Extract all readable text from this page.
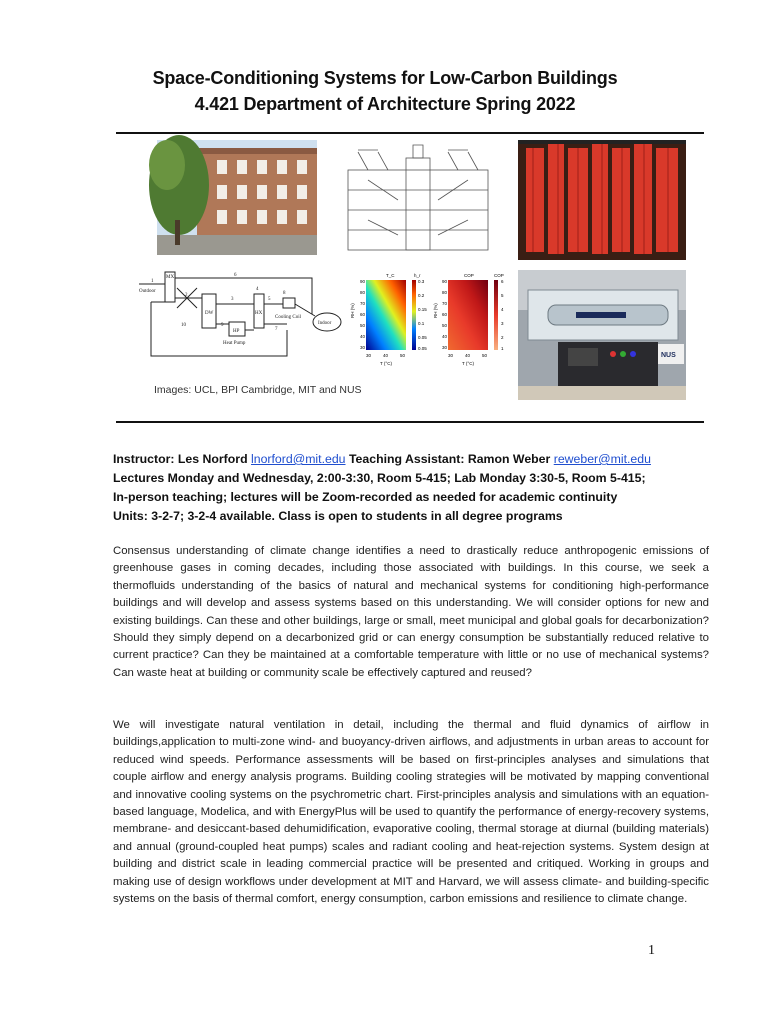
Space-Conditioning Systems for Low-Carbon Buildings
4.421 Department of Architecture Spring 2022
1
Outdoor
MX	6
DW	HX
HP
Heat Pump
Cooling Coil
Indoor
2
3
4
5
7
8
9
10
T_C	h_r
90
80
70
60
50
40
30
0.3
0.2
0.15
0.1
0.05
0.05
30	40	50
T (°C)
RH (%)
COP	COP
90
80
70
60
50
40
30
6
5
4
3
2
1
30	40	50
T (°C)
RH (%)
NUS
Images: UCL, BPI Cambridge, MIT and NUS
Instructor: Les Norford lnorford@mit.edu Teaching Assistant: Ramon Weber reweber@mit.edu
Lectures Monday and Wednesday, 2:00-3:30, Room 5-415; Lab Monday 3:30-5, Room 5-415;
In-person teaching; lectures will be Zoom-recorded as needed for academic continuity
Units: 3-2-7; 3-2-4 available. Class is open to students in all degree programs
Consensus understanding of climate change identifies a need to drastically reduce anthropogenic emissions of greenhouse gases in coming decades, including those associated with buildings. In this course, we seek a thermofluids understanding of the basics of natural and mechanical systems for conditioning high-performance buildings and will develop and assess systems based on this understanding. We will consider options for new and existing buildings. Can these and other buildings, large or small, meet municipal and global goals for decarbonization? Should they simply depend on a decarbonized grid or can energy consumption be substantially reduced relative to current practice? Can they be maintained at a comfortable temperature with little or no use of mechanical systems? Can waste heat at building or community scale be effectively captured and reused?
We will investigate natural ventilation in detail, including the thermal and fluid dynamics of airflow in buildings,application to multi-zone wind- and buoyancy-driven airflows, and adjustments in urban areas to account for reduced wind speeds. Performance assessments will be based on first-principles analyses and simulations that couple airflow and energy analysis programs. Building cooling strategies will be motivated by mapping conventional and innovative cooling systems on the psychrometric chart. First-principles analysis and simulations with an equation-based language, Modelica, and with EnergyPlus will be used to quantify the performance of energy-recovery systems, membrane- and desiccant-based dehumidification, evaporative cooling, thermal storage at diurnal (building materials) and annual (ground-coupled heat pumps) scales and radiant cooling and heat-rejection systems. System design at building and district scale in leading commercial practice will be presented and critiqued. Working in groups and making use of design workflows under development at MIT and Harvard, we will assess climate- and building-specific systems on the basis of thermal comfort, energy consumption, carbon emissions and resilience to climate change.
1
